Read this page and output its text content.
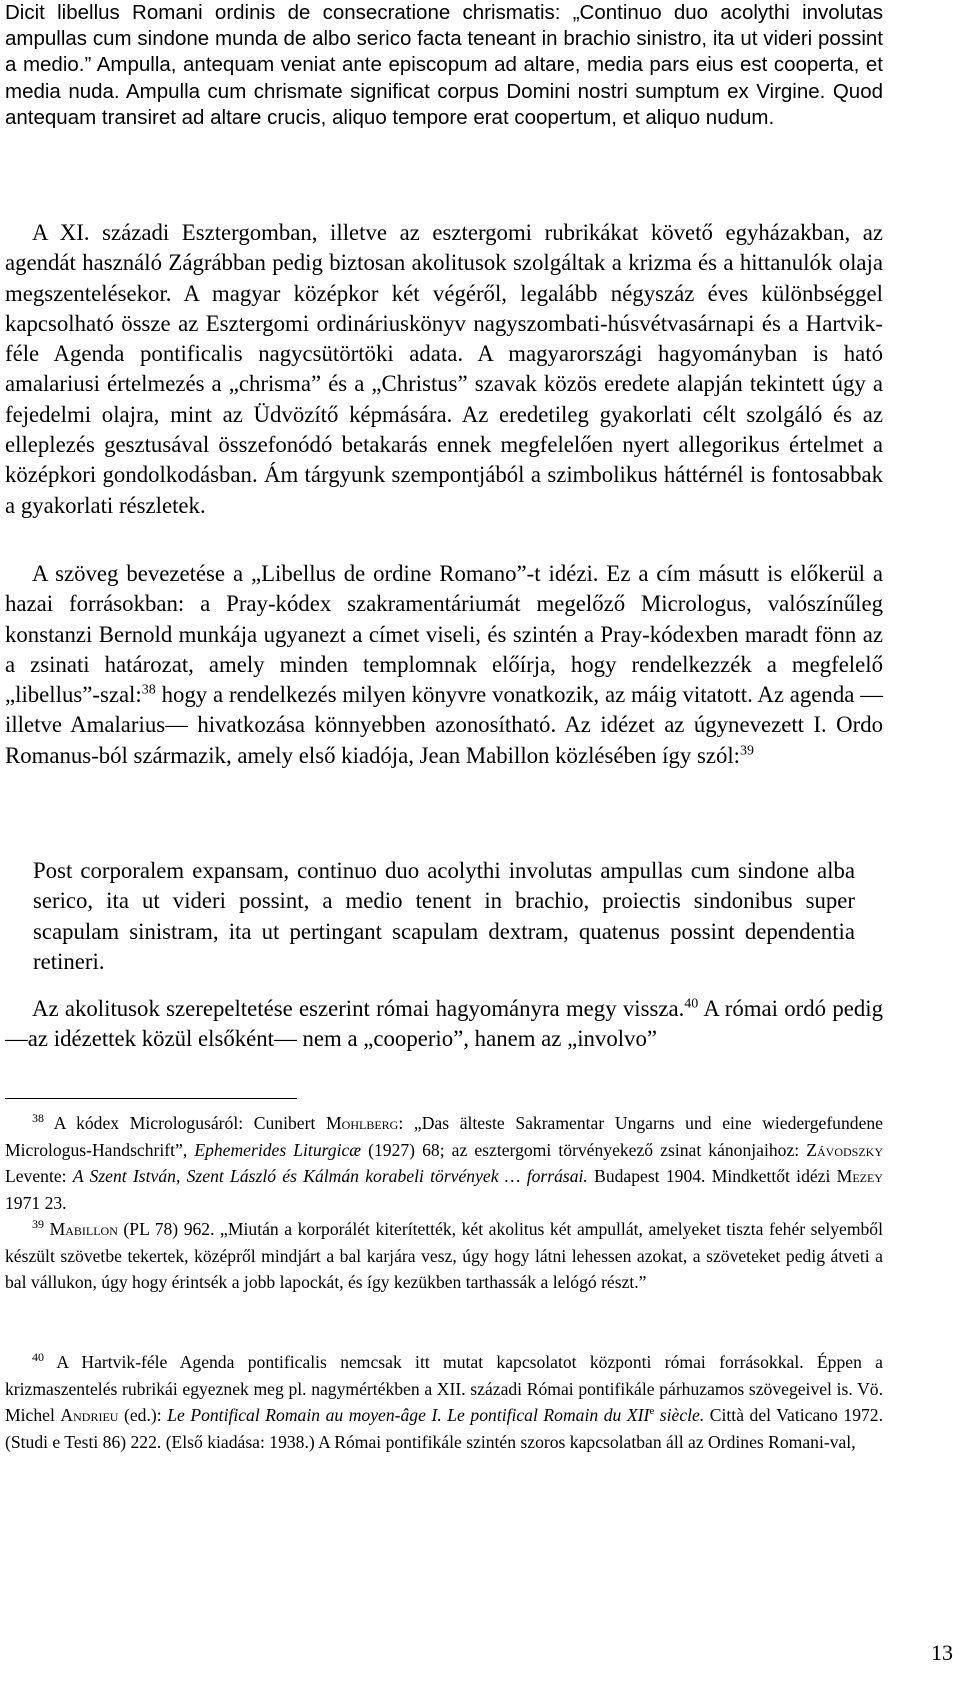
Dicit libellus Romani ordinis de consecratione chrismatis: „Continuo duo acolythi involutas ampullas cum sindone munda de albo serico facta teneant in brachio sinistro, ita ut videri possint a medio.” Ampulla, antequam veniat ante episcopum ad altare, media pars eius est cooperta, et media nuda. Ampulla cum chrismate significat corpus Domini nostri sumptum ex Virgine. Quod antequam transiret ad altare crucis, aliquo tempore erat coopertum, et aliquo nudum.

A XI. századi Esztergomban, illetve az esztergomi rubrikákat követő egyházakban, az agendát használó Zágrábban pedig biztosan akolitusok szolgáltak a krizma és a hittanulók olaja megszentelésekor. A magyar középkor két végéről, legalább négyszáz éves különbséggel kapcsolható össze az Esztergomi ordináriuskönyv nagyszombati-húsvétvasárnapi és a Hartvik-féle Agenda pontificalis nagycsütörtöki adata. A magyarországi hagyományban is ható amalariusi értelmezés a „chrisma” és a „Christus” szavak közös eredete alapján tekintett úgy a fejedelmi olajra, mint az Üdvözítő képmására. Az eredetileg gyakorlati célt szolgáló és az elleplezés gesztusával összefonódó betakarás ennek megfelelően nyert allegorikus értelmet a középkori gondolkodásban. Ám tárgyunk szempontjából a szimbolikus háttérnél is fontosabbak a gyakorlati részletek.

A szöveg bevezetése a „Libellus de ordine Romano”-t idézi. Ez a cím másutt is előkerül a hazai forrásokban: a Pray-kódex szakramentáriumát megelőző Micrologus, valószínűleg konstanzi Bernold munkája ugyanezt a címet viseli, és szintén a Pray-kódexben maradt fönn az a zsinati határozat, amely minden templomnak előírja, hogy rendelkezzék a megfelelő „libellus”-szal:$^{38}$ hogy a rendelkezés milyen könyvre vonatkozik, az máig vitatott. Az agenda —illetve Amalarius— hivatkozása könnyebben azonosítható. Az idézet az úgynevezett I. Ordo Romanus-ból származik, amely első kiadója, Jean Mabillon közlésében így szól:$^{39}$

Post corporalem expansam, continuo duo acolythi involutas ampullas cum sindone alba serico, ita ut videri possint, a medio tenent in brachio, proiectis sindonibus super scapulam sinistram, ita ut pertingant scapulam dextram, quatenus possint dependentia retineri.

Az akolitusok szerepeltetése eszerint római hagyományra megy vissza.$^{40}$ A római ordó pedig —az idézettek közül elsőként— nem a „cooperio”, hanem az „involvo”

$^{38}$ A kódex Micrologusáról: Cunibert Mohlberg: „Das älteste Sakramentar Ungarns und eine wiedergefundene Micrologus-Handschrift”, Ephemerides Liturgicæ (1927) 68; az esztergomi törvényekező zsinat kánonjaihoz: Závodszky Levente: A Szent István, Szent László és Kálmán korabeli törvények … forrásai. Budapest 1904. Mindkettőt idézi Mezey 1971 23.

$^{39}$ Mabillon (PL 78) 962. „Miután a korporálét kiterítették, két akolitus két ampullát, amelyeket tiszta fehér selyemből készült szövetbe tekertek, középről mindjárt a bal karjára vesz, úgy hogy látni lehessen azokat, a szöveteket pedig átveti a bal vállukon, úgy hogy érintsék a jobb lapockát, és így kezükben tarthassák a lelógó részt.”

$^{40}$ A Hartvik-féle Agenda pontificalis nemcsak itt mutat kapcsolatot központi római forrásokkal. Éppen a krizmaszentelés rubrikái egyeznek meg pl. nagymértékben a XII. századi Római pontifikále párhuzamos szövegeivel is. Vö. Michel Andrieu (ed.): Le Pontifical Romain au moyen-âge I. Le pontifical Romain du XIIe siècle. Città del Vaticano 1972. (Studi e Testi 86) 222. (Első kiadása: 1938.) A Római pontifikále szintén szoros kapcsolatban áll az Ordines Romani-val,

13
